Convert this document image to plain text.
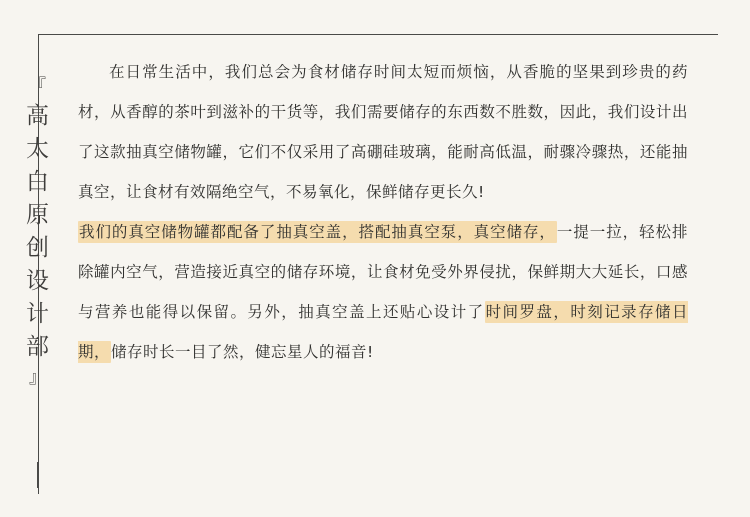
『
高
太
白
原
创
设
计
部
』

在日常生活中，我们总会为食材储存时间太短而烦恼，从香脆的坚果到珍贵的药材，从香醇的茶叶到滋补的干货等，我们需要储存的东西数不胜数，因此，我们设计出了这款抽真空储物罐，它们不仅采用了高硼硅玻璃，能耐高低温，耐骤冷骤热，还能抽真空，让食材有效隔绝空气，不易氧化，保鲜储存更长久!

我们的真空储物罐都配备了抽真空盖，搭配抽真空泵，真空储存，一提一拉，轻松排除罐内空气，营造接近真空的储存环境，让食材免受外界侵扰，保鲜期大大延长，口感与营养也能得以保留。另外，抽真空盖上还贴心设计了时间罗盘，时刻记录存储日期，储存时长一目了然，健忘星人的福音!
